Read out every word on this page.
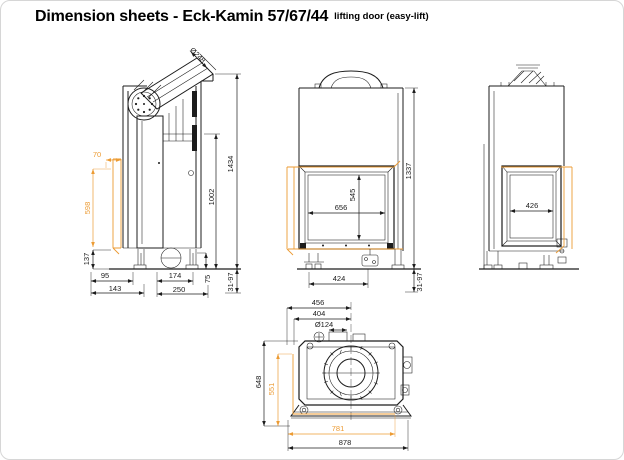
Dimension sheets - Eck-Kamin 57/67/44 lifting door (easy-lift)
Ø248
70
598
137
95
143
174
250
75
1002
1434
31-97
656
545
424
1337
31-97
426
456
404
Ø124
648
551
781
878
